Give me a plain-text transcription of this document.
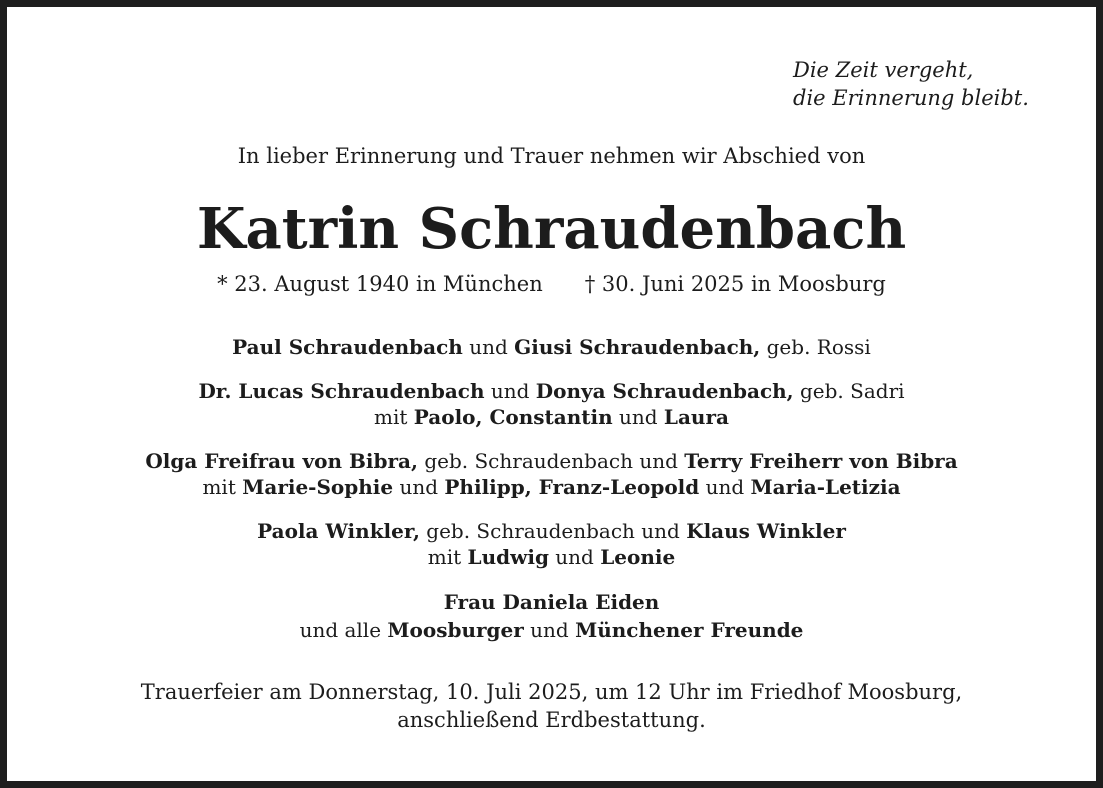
Die Zeit vergeht,
die Erinnerung bleibt.
In lieber Erinnerung und Trauer nehmen wir Abschied von
Katrin Schraudenbach
* 23. August 1940 in München † 30. Juni 2025 in Moosburg
Paul Schraudenbach und Giusi Schraudenbach, geb. Rossi
Dr. Lucas Schraudenbach und Donya Schraudenbach, geb. Sadri
mit Paolo, Constantin und Laura
Olga Freifrau von Bibra, geb. Schraudenbach und Terry Freiherr von Bibra
mit Marie-Sophie und Philipp, Franz-Leopold und Maria-Letizia
Paola Winkler, geb. Schraudenbach und Klaus Winkler
mit Ludwig und Leonie
Frau Daniela Eiden
und alle Moosburger und Münchener Freunde
Trauerfeier am Donnerstag, 10. Juli 2025, um 12 Uhr im Friedhof Moosburg,
anschließend Erdbestattung.
